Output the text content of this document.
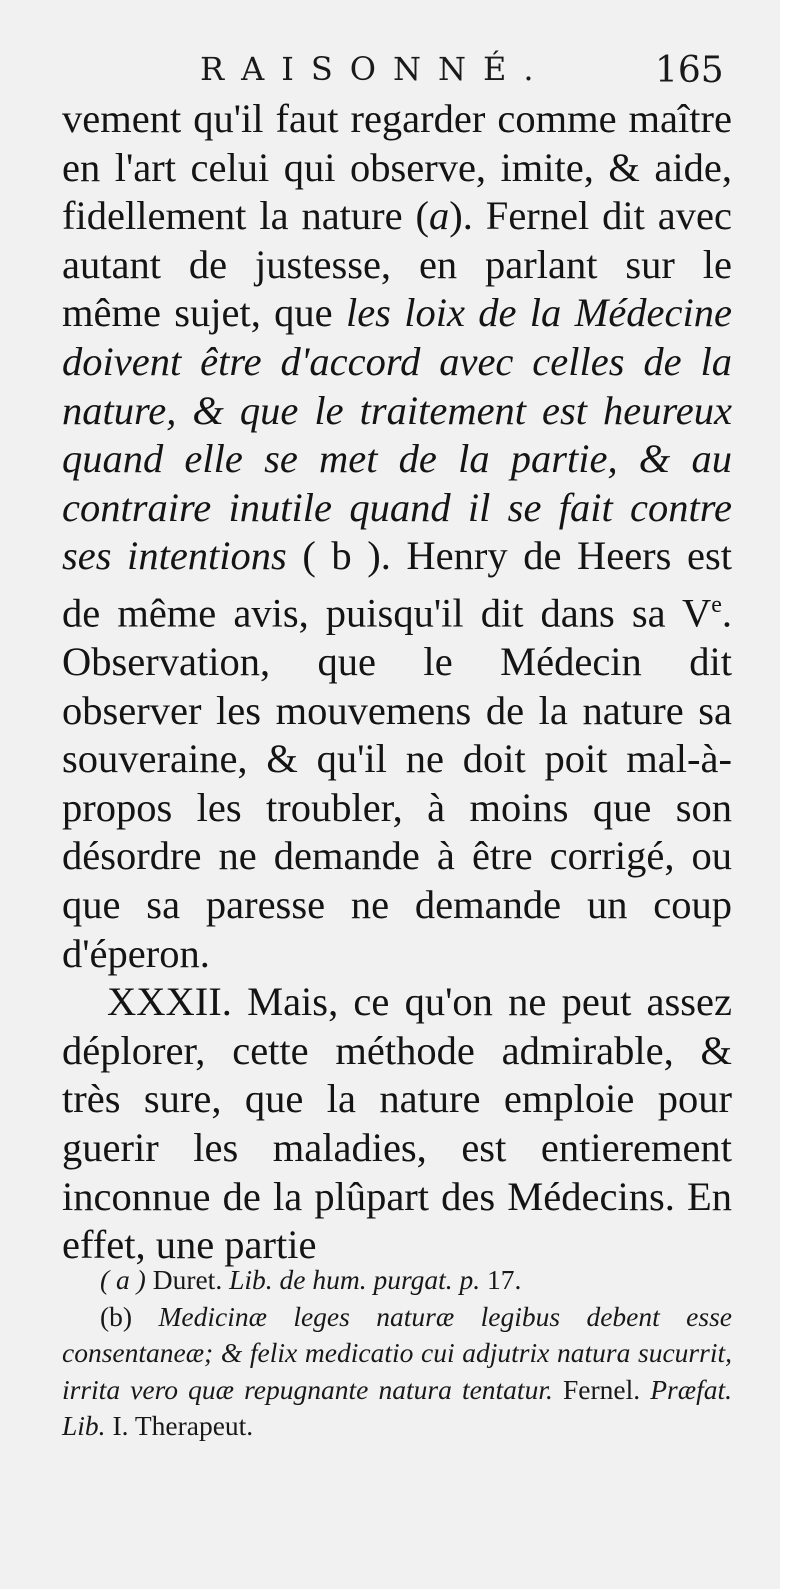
RAISONNÉ.	165

vement qu'il faut regarder comme maître en l'art celui qui observe, imite, & aide, fidellement la nature (a). Fernel dit avec autant de justesse, en parlant sur le même sujet, que les loix de la Médecine doivent être d'accord avec celles de la nature, & que le traitement est heureux quand elle se met de la partie, & au contraire inutile quand il se fait contre ses intentions ( b ). Henry de Heers est de même avis, puisqu'il dit dans sa Ve. Observation, que le Médecin dit observer les mouvemens de la nature sa souveraine, & qu'il ne doit poit mal-à-propos les troubler, à moins que son désordre ne demande à être corrigé, ou que sa paresse ne demande un coup d'éperon.

XXXII. Mais, ce qu'on ne peut assez déplorer, cette méthode admirable, & très sure, que la nature emploie pour guerir les maladies, est entierement inconnue de la plûpart des Médecins. En effet, une partie

( a ) Duret. Lib. de hum. purgat. p. 17.

(b) Medicinæ leges naturæ legibus debent esse consentaneæ; & felix medicatio cui adjutrix natura sucurrit, irrita vero quæ repugnante natura tentatur. Fernel. Præfat. Lib. I. Therapeut.
